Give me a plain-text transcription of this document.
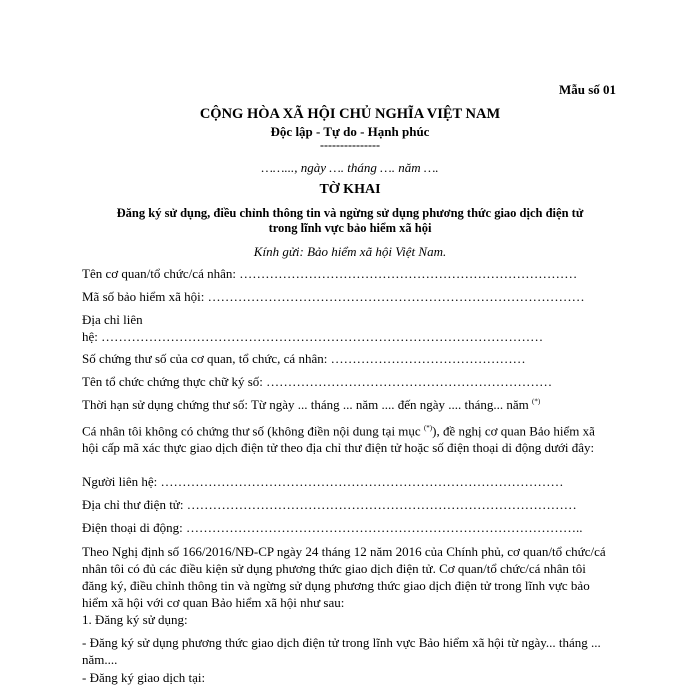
Mẫu số 01
CỘNG HÒA XÃ HỘI CHỦ NGHĨA VIỆT NAM
Độc lập - Tự do - Hạnh phúc
---------------
……..., ngày …. tháng …. năm ….
TỜ KHAI
Đăng ký sử dụng, điều chỉnh thông tin và ngừng sử dụng phương thức giao dịch điện tử
trong lĩnh vực bảo hiểm xã hội
Kính gửi: Bảo hiểm xã hội Việt Nam.
Tên cơ quan/tổ chức/cá nhân: ……………………………………………………………………
Mã số bảo hiểm xã hội: ……………………………………………………………………………
Địa chỉ liên
hệ: …………………………………………………………………………………………
Số chứng thư số của cơ quan, tổ chức, cá nhân: ………………………………………
Tên tổ chức chứng thực chữ ký số: …………………………………………………………
Thời hạn sử dụng chứng thư số: Từ ngày ... tháng ... năm .... đến ngày .... tháng... năm (*)
Cá nhân tôi không có chứng thư số (không điền nội dung tại mục (*)), đề nghị cơ quan Bảo hiểm xã hội cấp mã xác thực giao dịch điện tử theo địa chỉ thư điện tử hoặc số điện thoại di động dưới đây:
Người liên hệ: …………………………………………………………………………………
Địa chỉ thư điện tử: ………………………………………………………………………………
Điện thoại di động: ………………………………………………………………………………..
Theo Nghị định số 166/2016/NĐ-CP ngày 24 tháng 12 năm 2016 của Chính phủ, cơ quan/tổ chức/cá nhân tôi có đủ các điều kiện sử dụng phương thức giao dịch điện tử. Cơ quan/tổ chức/cá nhân tôi đăng ký, điều chỉnh thông tin và ngừng sử dụng phương thức giao dịch điện tử trong lĩnh vực bảo hiểm xã hội với cơ quan Bảo hiểm xã hội như sau:
1. Đăng ký sử dụng:
- Đăng ký sử dụng phương thức giao dịch điện tử trong lĩnh vực Bảo hiểm xã hội từ ngày... tháng ... năm....
- Đăng ký giao dịch tại:
